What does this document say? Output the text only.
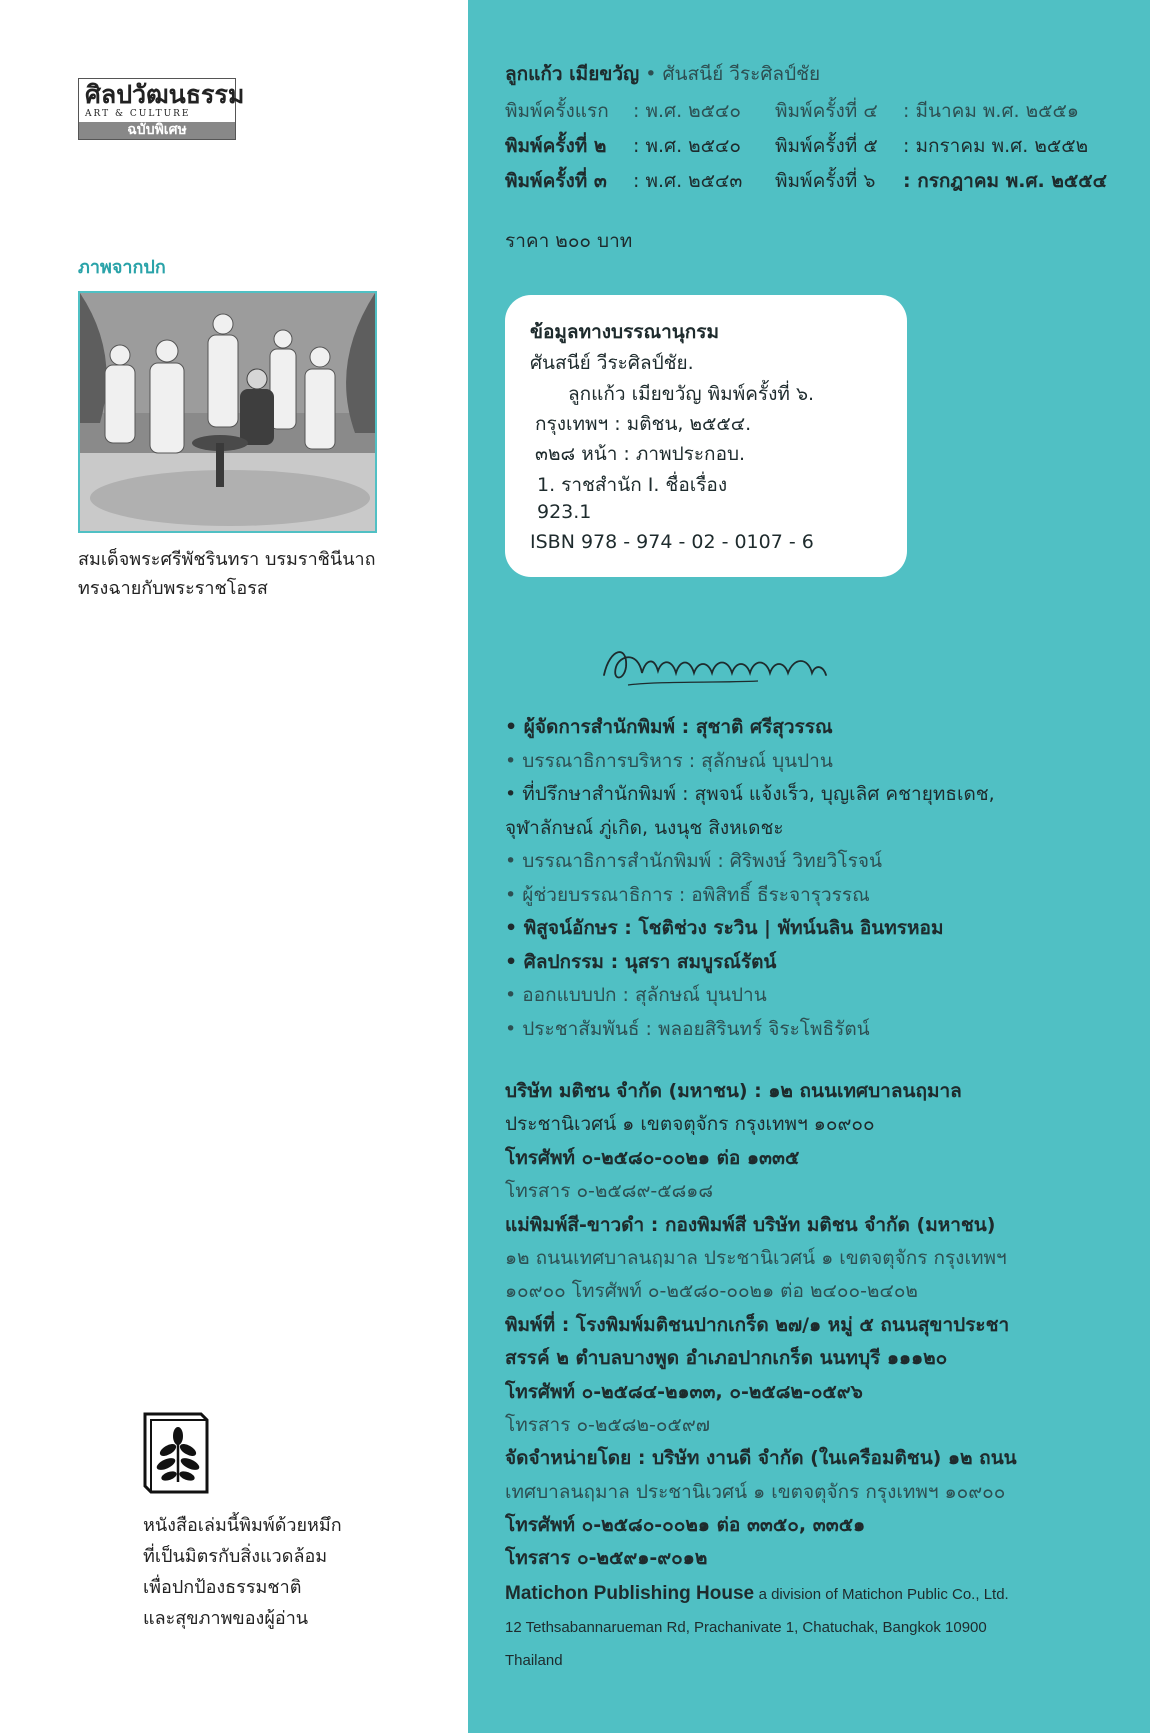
ศิลปวัฒนธรรม
ART & CULTURE
ฉบับพิเศษ
ภาพจากปก
สมเด็จพระศรีพัชรินทรา บรมราชินีนาถ
ทรงฉายกับพระราชโอรส
หนังสือเล่มนี้พิมพ์ด้วยหมึก
ที่เป็นมิตรกับสิ่งแวดล้อม
เพื่อปกป้องธรรมชาติ
และสุขภาพของผู้อ่าน
ลูกแก้ว เมียขวัญ • ศันสนีย์ วีระศิลป์ชัย
พิมพ์ครั้งแรก : พ.ศ. ๒๕๔๐ พิมพ์ครั้งที่ ๔ : มีนาคม พ.ศ. ๒๕๕๑
พิมพ์ครั้งที่ ๒ : พ.ศ. ๒๕๔๐ พิมพ์ครั้งที่ ๕ : มกราคม พ.ศ. ๒๕๕๒
พิมพ์ครั้งที่ ๓ : พ.ศ. ๒๕๔๓ พิมพ์ครั้งที่ ๖ : กรกฎาคม พ.ศ. ๒๕๕๔
ราคา ๒๐๐ บาท
ข้อมูลทางบรรณานุกรม
ศันสนีย์ วีระศิลป์ชัย.
ลูกแก้ว เมียขวัญ พิมพ์ครั้งที่ ๖.
กรุงเทพฯ : มติชน, ๒๕๕๔.
๓๒๘ หน้า : ภาพประกอบ.
1. ราชสำนัก I. ชื่อเรื่อง
923.1
ISBN 978 - 974 - 02 - 0107 - 6
สำนักพิมพ์มติชน
• ผู้จัดการสำนักพิมพ์ : สุชาติ ศรีสุวรรณ
• บรรณาธิการบริหาร : สุลักษณ์ บุนปาน
• ที่ปรึกษาสำนักพิมพ์ : สุพจน์ แจ้งเร็ว, บุญเลิศ คชายุทธเดช,
จุฬาลักษณ์ ภู่เกิด, นงนุช สิงหเดชะ
• บรรณาธิการสำนักพิมพ์ : ศิริพงษ์ วิทยวิโรจน์
• ผู้ช่วยบรรณาธิการ : อพิสิทธิ์ ธีระจารุวรรณ
• พิสูจน์อักษร : โชติช่วง ระวิน | พัทน์นลิน อินทรหอม
• ศิลปกรรม : นุสรา สมบูรณ์รัตน์
• ออกแบบปก : สุลักษณ์ บุนปาน
• ประชาสัมพันธ์ : พลอยสิรินทร์ จิระโพธิรัตน์
บริษัท มติชน จำกัด (มหาชน) : ๑๒ ถนนเทศบาลนฤมาล
ประชานิเวศน์ ๑ เขตจตุจักร กรุงเทพฯ ๑๐๙๐๐
โทรศัพท์ ๐-๒๕๘๐-๐๐๒๑ ต่อ ๑๓๓๕
โทรสาร ๐-๒๕๘๙-๕๘๑๘
แม่พิมพ์สี-ขาวดำ : กองพิมพ์สี บริษัท มติชน จำกัด (มหาชน)
๑๒ ถนนเทศบาลนฤมาล ประชานิเวศน์ ๑ เขตจตุจักร กรุงเทพฯ
๑๐๙๐๐ โทรศัพท์ ๐-๒๕๘๐-๐๐๒๑ ต่อ ๒๔๐๐-๒๔๐๒
พิมพ์ที่ : โรงพิมพ์มติชนปากเกร็ด ๒๗/๑ หมู่ ๕ ถนนสุขาประชา
สรรค์ ๒ ตำบลบางพูด อำเภอปากเกร็ด นนทบุรี ๑๑๑๒๐
โทรศัพท์ ๐-๒๕๘๔-๒๑๓๓, ๐-๒๕๘๒-๐๕๙๖
โทรสาร ๐-๒๕๘๒-๐๕๙๗
จัดจำหน่ายโดย : บริษัท งานดี จำกัด (ในเครือมติชน) ๑๒ ถนน
เทศบาลนฤมาล ประชานิเวศน์ ๑ เขตจตุจักร กรุงเทพฯ ๑๐๙๐๐
โทรศัพท์ ๐-๒๕๘๐-๐๐๒๑ ต่อ ๓๓๕๐, ๓๓๕๑
โทรสาร ๐-๒๕๙๑-๙๐๑๒
Matichon Publishing House a division of Matichon Public Co., Ltd.
12 Tethsabannarueman Rd, Prachanivate 1, Chatuchak, Bangkok 10900
Thailand
